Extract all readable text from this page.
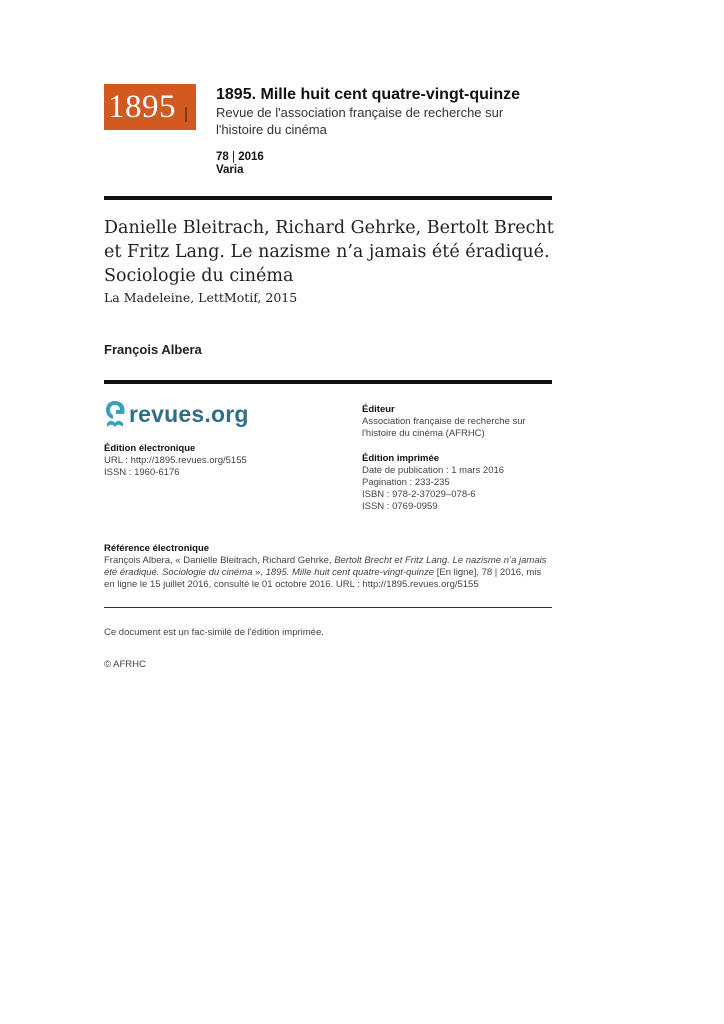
1895	1895. Mille huit cent quatre-vingt-quinze
Revue de l'association française de recherche sur l'histoire du cinéma
78 | 2016
Varia
Danielle Bleitrach, Richard Gehrke, Bertolt Brecht et Fritz Lang. Le nazisme n’a jamais été éradiqué. Sociologie du cinéma
La Madeleine, LettMotif, 2015
François Albera
revues.org
Édition électronique
URL : http://1895.revues.org/5155
ISSN : 1960-6176
Éditeur
Association française de recherche sur l'histoire du cinéma (AFRHC)
Édition imprimée
Date de publication : 1 mars 2016
Pagination : 233-235
ISBN : 978-2-37029–078-6
ISSN : 0769-0959
Référence électronique
François Albera, « Danielle Bleitrach, Richard Gehrke, Bertolt Brecht et Fritz Lang. Le nazisme n’a jamais été éradiqué. Sociologie du cinéma », 1895. Mille huit cent quatre-vingt-quinze [En ligne], 78 | 2016, mis en ligne le 15 juillet 2016, consulté le 01 octobre 2016. URL : http://1895.revues.org/5155
Ce document est un fac-similé de l'édition imprimée.
© AFRHC
